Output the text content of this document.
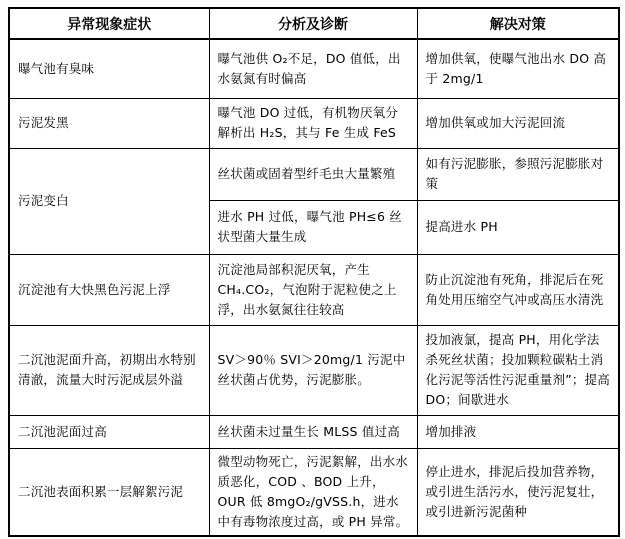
异常现象症状	分析及诊断	解决对策
曝气池有臭味	曝气池供 O₂不足，DO 值低，出水氨氮有时偏高	增加供氧，使曝气池出水 DO 高于 2mg/1
污泥发黑	曝气池 DO 过低，有机物厌氧分解析出 H₂S，其与 Fe 生成 FeS	增加供氧或加大污泥回流
污泥变白	丝状菌或固着型纤毛虫大量繁殖	如有污泥膨胀，参照污泥膨胀对策
	进水 PH 过低，曝气池 PH≤6 丝状型菌大量生成	提高进水 PH
沉淀池有大快黑色污泥上浮	沉淀池局部积泥厌氧，产生 CH₄.CO₂，气泡附于泥粒使之上浮，出水氨氮往往较高	防止沉淀池有死角，排泥后在死角处用压缩空气冲或高压水清洗
二沉池泥面升高，初期出水特别清澈，流量大时污泥成层外溢	SV＞90％ SVI＞20mg/1 污泥中丝状菌占优势，污泥膨胀。	投加液氯，提高 PH，用化学法杀死丝状菌；投加颗粒碳粘土消化污泥等活性污泥重量剂”；提高 DO；间歇进水
二沉池泥面过高	丝状菌未过量生长 MLSS 值过高	增加排液
二沉池表面积累一层解絮污泥	微型动物死亡，污泥絮解，出水水质恶化，COD 、BOD 上升，OUR 低 8mgO₂/gVSS.h，进水中有毒物浓度过高，或 PH 异常。	停止进水，排泥后投加营养物，或引进生活污水，使污泥复壮，或引进新污泥菌种
